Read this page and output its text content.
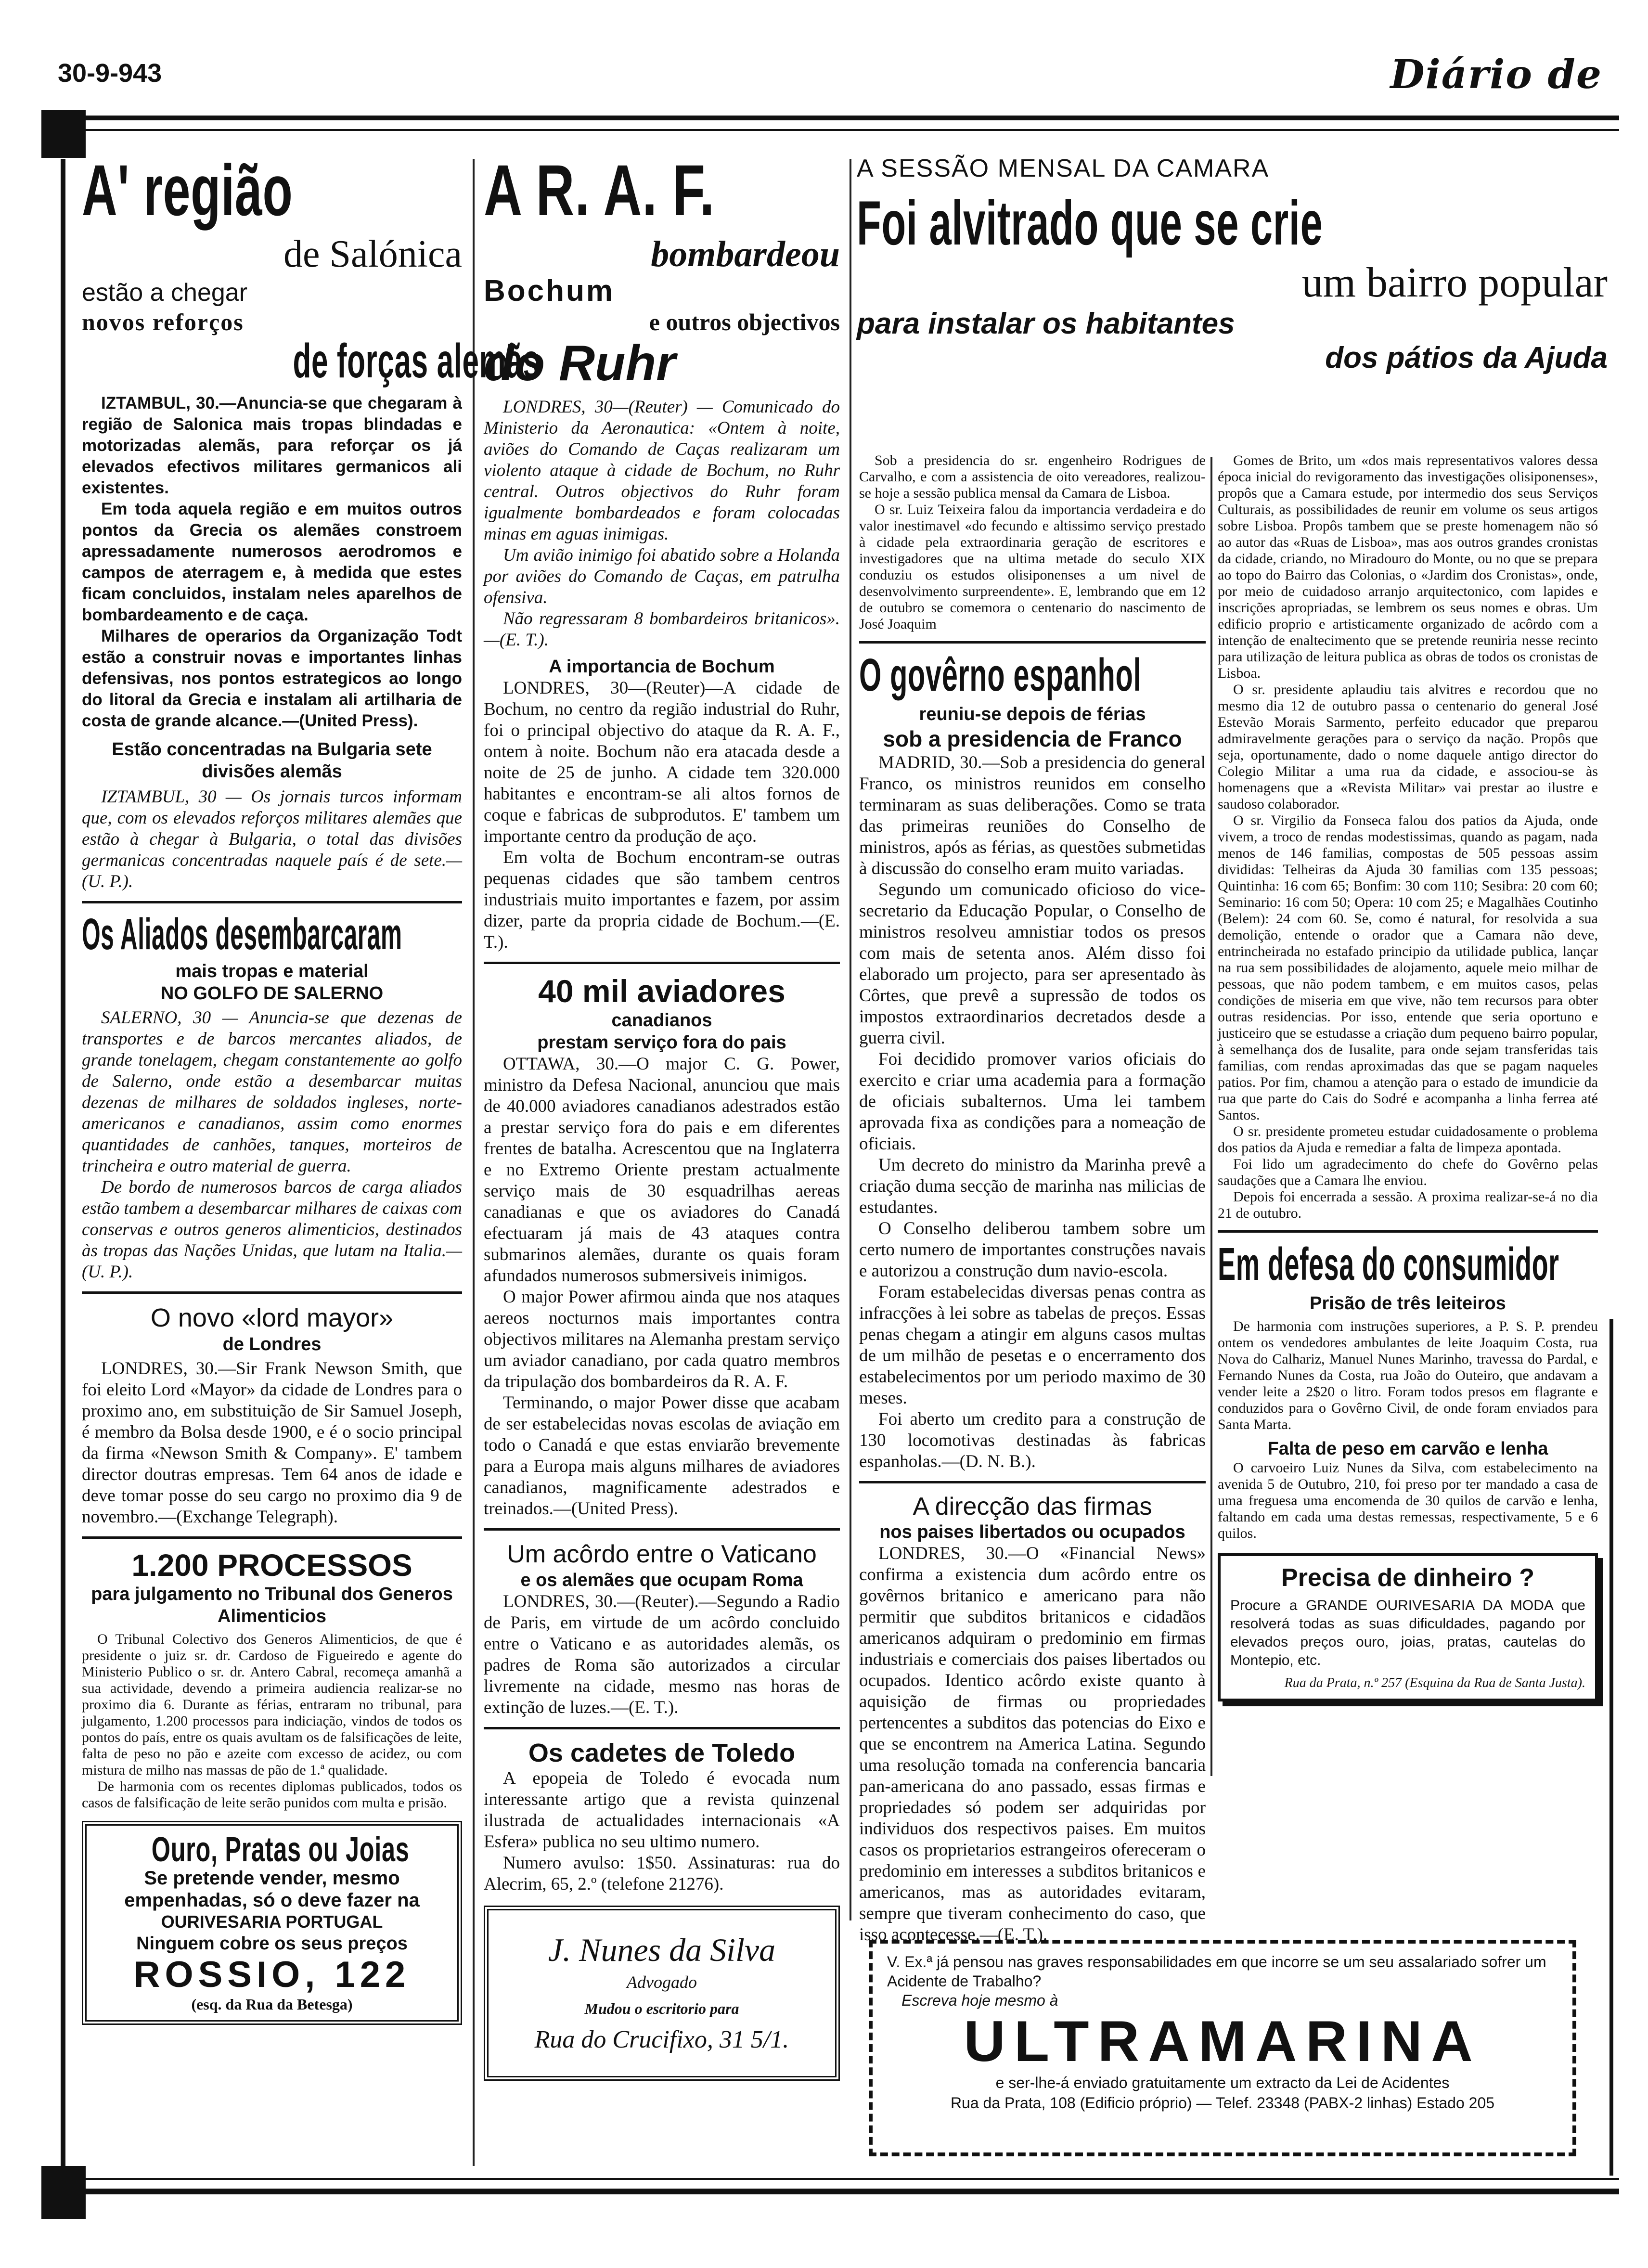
30-9-943	Diário de
A' região
de Salónica
estão a chegar
novos reforços
de forças alemãs

IZTAMBUL, 30.—Anuncia-se que chegaram à região de Salonica mais tropas blindadas e motorizadas alemãs, para reforçar os já elevados efectivos militares germanicos ali existentes.

Em toda aquela região e em muitos outros pontos da Grecia os alemães constroem apressadamente numerosos aerodromos e campos de aterragem e, à medida que estes ficam concluidos, instalam neles aparelhos de bombardeamento e de caça.

Milhares de operarios da Organização Todt estão a construir novas e importantes linhas defensivas, nos pontos estrategicos ao longo do litoral da Grecia e instalam ali artilharia de costa de grande alcance.—(United Press).

Estão concentradas na Bulgaria sete divisões alemãs

IZTAMBUL, 30 — Os jornais turcos informam que, com os elevados reforços militares alemães que estão à chegar à Bulgaria, o total das divisões germanicas concentradas naquele país é de sete.—(U. P.).

Os Aliados desembarcaram
mais tropas e material
NO GOLFO DE SALERNO

SALERNO, 30 — Anuncia-se que dezenas de transportes e de barcos mercantes aliados, de grande tonelagem, chegam constantemente ao golfo de Salerno, onde estão a desembarcar muitas dezenas de milhares de soldados ingleses, norte-americanos e canadianos, assim como enormes quantidades de canhões, tanques, morteiros de trincheira e outro material de guerra.

De bordo de numerosos barcos de carga aliados estão tambem a desembarcar milhares de caixas com conservas e outros generos alimenticios, destinados às tropas das Nações Unidas, que lutam na Italia.—(U. P.).

O novo «lord mayor»
de Londres

LONDRES, 30.—Sir Frank Newson Smith, que foi eleito Lord «Mayor» da cidade de Londres para o proximo ano, em substituição de Sir Samuel Joseph, é membro da Bolsa desde 1900, e é o socio principal da firma «Newson Smith & Company». E' tambem director doutras empresas. Tem 64 anos de idade e deve tomar posse do seu cargo no proximo dia 9 de novembro.—(Exchange Telegraph).

1.200 PROCESSOS
para julgamento no Tribunal dos Generos Alimenticios

O Tribunal Colectivo dos Generos Alimenticios, de que é presidente o juiz sr. dr. Cardoso de Figueiredo e agente do Ministerio Publico o sr. dr. Antero Cabral, recomeça amanhã a sua actividade, devendo a primeira audiencia realizar-se no proximo dia 6. Durante as férias, entraram no tribunal, para julgamento, 1.200 processos para indiciação, vindos de todos os pontos do país, entre os quais avultam os de falsificações de leite, falta de peso no pão e azeite com excesso de acidez, ou com mistura de milho nas massas de pão de 1.ª qualidade.

De harmonia com os recentes diplomas publicados, todos os casos de falsificação de leite serão punidos com multa e prisão.

Ouro, Pratas ou Joias
Se pretende vender, mesmo empenhadas, só o deve fazer na
OURIVESARIA PORTUGAL
Ninguem cobre os seus preços
ROSSIO, 122
(esq. da Rua da Betesga)
A R. A. F.
bombardeou
Bochum
e outros objectivos
do Ruhr

LONDRES, 30—(Reuter) — Comunicado do Ministerio da Aeronautica: «Ontem à noite, aviões do Comando de Caças realizaram um violento ataque à cidade de Bochum, no Ruhr central. Outros objectivos do Ruhr foram igualmente bombardeados e foram colocadas minas em aguas inimigas.

Um avião inimigo foi abatido sobre a Holanda por aviões do Comando de Caças, em patrulha ofensiva.

Não regressaram 8 bombardeiros britanicos».—(E. T.).

A importancia de Bochum

LONDRES, 30—(Reuter)—A cidade de Bochum, no centro da região industrial do Ruhr, foi o principal objectivo do ataque da R. A. F., ontem à noite. Bochum não era atacada desde a noite de 25 de junho. A cidade tem 320.000 habitantes e encontram-se ali altos fornos de coque e fabricas de subprodutos. E' tambem um importante centro da produção de aço.

Em volta de Bochum encontram-se outras pequenas cidades que são tambem centros industriais muito importantes e fazem, por assim dizer, parte da propria cidade de Bochum.—(E. T.).

40 mil aviadores
canadianos
prestam serviço fora do pais

OTTAWA, 30.—O major C. G. Power, ministro da Defesa Nacional, anunciou que mais de 40.000 aviadores canadianos adestrados estão a prestar serviço fora do pais e em diferentes frentes de batalha. Acrescentou que na Inglaterra e no Extremo Oriente prestam actualmente serviço mais de 30 esquadrilhas aereas canadianas e que os aviadores do Canadá efectuaram já mais de 43 ataques contra submarinos alemães, durante os quais foram afundados numerosos submersiveis inimigos.

O major Power afirmou ainda que nos ataques aereos nocturnos mais importantes contra objectivos militares na Alemanha prestam serviço um aviador canadiano, por cada quatro membros da tripulação dos bombardeiros da R. A. F.

Terminando, o major Power disse que acabam de ser estabelecidas novas escolas de aviação em todo o Canadá e que estas enviarão brevemente para a Europa mais alguns milhares de aviadores canadianos, magnificamente adestrados e treinados.—(United Press).

Um acôrdo entre o Vaticano
e os alemães que ocupam Roma

LONDRES, 30.—(Reuter).—Segundo a Radio de Paris, em virtude de um acôrdo concluido entre o Vaticano e as autoridades alemãs, os padres de Roma são autorizados a circular livremente na cidade, mesmo nas horas de extinção de luzes.—(E. T.).

Os cadetes de Toledo

A epopeia de Toledo é evocada num interessante artigo que a revista quinzenal ilustrada de actualidades internacionais «A Esfera» publica no seu ultimo numero.

Numero avulso: 1$50. Assinaturas: rua do Alecrim, 65, 2.º (telefone 21276).

J. Nunes da Silva
Advogado
Mudou o escritorio para
Rua do Crucifixo, 31 5/1.
A SESSÃO MENSAL DA CAMARA
Foi alvitrado que se crie
um bairro popular
para instalar os habitantes
dos pátios da Ajuda

Sob a presidencia do sr. engenheiro Rodrigues de Carvalho, e com a assistencia de oito vereadores, realizou-se hoje a sessão publica mensal da Camara de Lisboa.

O sr. Luiz Teixeira falou da importancia verdadeira e do valor inestimavel «do fecundo e altissimo serviço prestado à cidade pela extraordinaria geração de escritores e investigadores que na ultima metade do seculo XIX conduziu os estudos olisiponenses a um nivel de desenvolvimento surpreendente». E, lembrando que em 12 de outubro se comemora o centenario do nascimento de José Joaquim

O govêrno espanhol
reuniu-se depois de férias
sob a presidencia de Franco

MADRID, 30.—Sob a presidencia do general Franco, os ministros reunidos em conselho terminaram as suas deliberações. Como se trata das primeiras reuniões do Conselho de ministros, após as férias, as questões submetidas à discussão do conselho eram muito variadas.

Segundo um comunicado oficioso do vice-secretario da Educação Popular, o Conselho de ministros resolveu amnistiar todos os presos com mais de setenta anos. Além disso foi elaborado um projecto, para ser apresentado às Côrtes, que prevê a supressão de todos os impostos extraordinarios decretados desde a guerra civil.

Foi decidido promover varios oficiais do exercito e criar uma academia para a formação de oficiais subalternos. Uma lei tambem aprovada fixa as condições para a nomeação de oficiais.

Um decreto do ministro da Marinha prevê a criação duma secção de marinha nas milicias de estudantes.

O Conselho deliberou tambem sobre um certo numero de importantes construções navais e autorizou a construção dum navio-escola.

Foram estabelecidas diversas penas contra as infracções à lei sobre as tabelas de preços. Essas penas chegam a atingir em alguns casos multas de um milhão de pesetas e o encerramento dos estabelecimentos por um periodo maximo de 30 meses.

Foi aberto um credito para a construção de 130 locomotivas destinadas às fabricas espanholas.—(D. N. B.).

A direcção das firmas
nos paises libertados ou ocupados

LONDRES, 30.—O «Financial News» confirma a existencia dum acôrdo entre os govêrnos britanico e americano para não permitir que subditos britanicos e cidadãos americanos adquiram o predominio em firmas industriais e comerciais dos paises libertados ou ocupados. Identico acôrdo existe quanto à aquisição de firmas ou propriedades pertencentes a subditos das potencias do Eixo e que se encontrem na America Latina. Segundo uma resolução tomada na conferencia bancaria pan-americana do ano passado, essas firmas e propriedades só podem ser adquiridas por individuos dos respectivos paises. Em muitos casos os proprietarios estrangeiros ofereceram o predominio em interesses a subditos britanicos e americanos, mas as autoridades evitaram, sempre que tiveram conhecimento do caso, que isso acontecesse.—(E. T.).

Gomes de Brito, um «dos mais representativos valores dessa época inicial do revigoramento das investigações olisiponenses», propôs que a Camara estude, por intermedio dos seus Serviços Culturais, as possibilidades de reunir em volume os seus artigos sobre Lisboa. Propôs tambem que se preste homenagem não só ao autor das «Ruas de Lisboa», mas aos outros grandes cronistas da cidade, criando, no Miradouro do Monte, ou no que se prepara ao topo do Bairro das Colonias, o «Jardim dos Cronistas», onde, por meio de cuidadoso arranjo arquitectonico, com lapides e inscrições apropriadas, se lembrem os seus nomes e obras. Um edificio proprio e artisticamente organizado de acôrdo com a intenção de enaltecimento que se pretende reuniria nesse recinto para utilização de leitura publica as obras de todos os cronistas de Lisboa.

O sr. presidente aplaudiu tais alvitres e recordou que no mesmo dia 12 de outubro passa o centenario do general José Estevão Morais Sarmento, perfeito educador que preparou admiravelmente gerações para o serviço da nação. Propôs que seja, oportunamente, dado o nome daquele antigo director do Colegio Militar a uma rua da cidade, e associou-se às homenagens que a «Revista Militar» vai prestar ao ilustre e saudoso colaborador.

O sr. Virgilio da Fonseca falou dos patios da Ajuda, onde vivem, a troco de rendas modestissimas, quando as pagam, nada menos de 146 familias, compostas de 505 pessoas assim divididas: Telheiras da Ajuda 30 familias com 135 pessoas; Quintinha: 16 com 65; Bonfim: 30 com 110; Sesibra: 20 com 60; Seminario: 16 com 50; Opera: 10 com 25; e Magalhães Coutinho (Belem): 24 com 60. Se, como é natural, for resolvida a sua demolição, entende o orador que a Camara não deve, entrincheirada no estafado principio da utilidade publica, lançar na rua sem possibilidades de alojamento, aquele meio milhar de pessoas, que não podem tambem, e em muitos casos, pelas condições de miseria em que vive, não tem recursos para obter outras residencias. Por isso, entende que seria oportuno e justiceiro que se estudasse a criação dum pequeno bairro popular, à semelhança dos de Iusalite, para onde sejam transferidas tais familias, com rendas aproximadas das que se pagam naqueles patios. Por fim, chamou a atenção para o estado de imundicie da rua que parte do Cais do Sodré e acompanha a linha ferrea até Santos.

O sr. presidente prometeu estudar cuidadosamente o problema dos patios da Ajuda e remediar a falta de limpeza apontada.

Foi lido um agradecimento do chefe do Govêrno pelas saudações que a Camara lhe enviou.

Depois foi encerrada a sessão. A proxima realizar-se-á no dia 21 de outubro.

Em defesa do consumidor
Prisão de três leiteiros

De harmonia com instruções superiores, a P. S. P. prendeu ontem os vendedores ambulantes de leite Joaquim Costa, rua Nova do Calhariz, Manuel Nunes Marinho, travessa do Pardal, e Fernando Nunes da Costa, rua João do Outeiro, que andavam a vender leite a 2$20 o litro. Foram todos presos em flagrante e conduzidos para o Govêrno Civil, de onde foram enviados para Santa Marta.

Falta de peso em carvão e lenha

O carvoeiro Luiz Nunes da Silva, com estabelecimento na avenida 5 de Outubro, 210, foi preso por ter mandado a casa de uma freguesa uma encomenda de 30 quilos de carvão e lenha, faltando em cada uma destas remessas, respectivamente, 5 e 6 quilos.

Precisa de dinheiro ?
Procure a GRANDE OURIVESARIA DA MODA que resolverá todas as suas dificuldades, pagando por elevados preços ouro, joias, pratas, cautelas do Montepio, etc.
Rua da Prata, n.º 257 (Esquina da Rua de Santa Justa).
V. Ex.ª já pensou nas graves responsabilidades em que incorre se um seu assalariado sofrer um Acidente de Trabalho?
Escreva hoje mesmo à
ULTRAMARINA
e ser-lhe-á enviado gratuitamente um extracto da Lei de Acidentes
Rua da Prata, 108 (Edificio próprio) — Telef. 23348 (PABX-2 linhas) Estado 205
